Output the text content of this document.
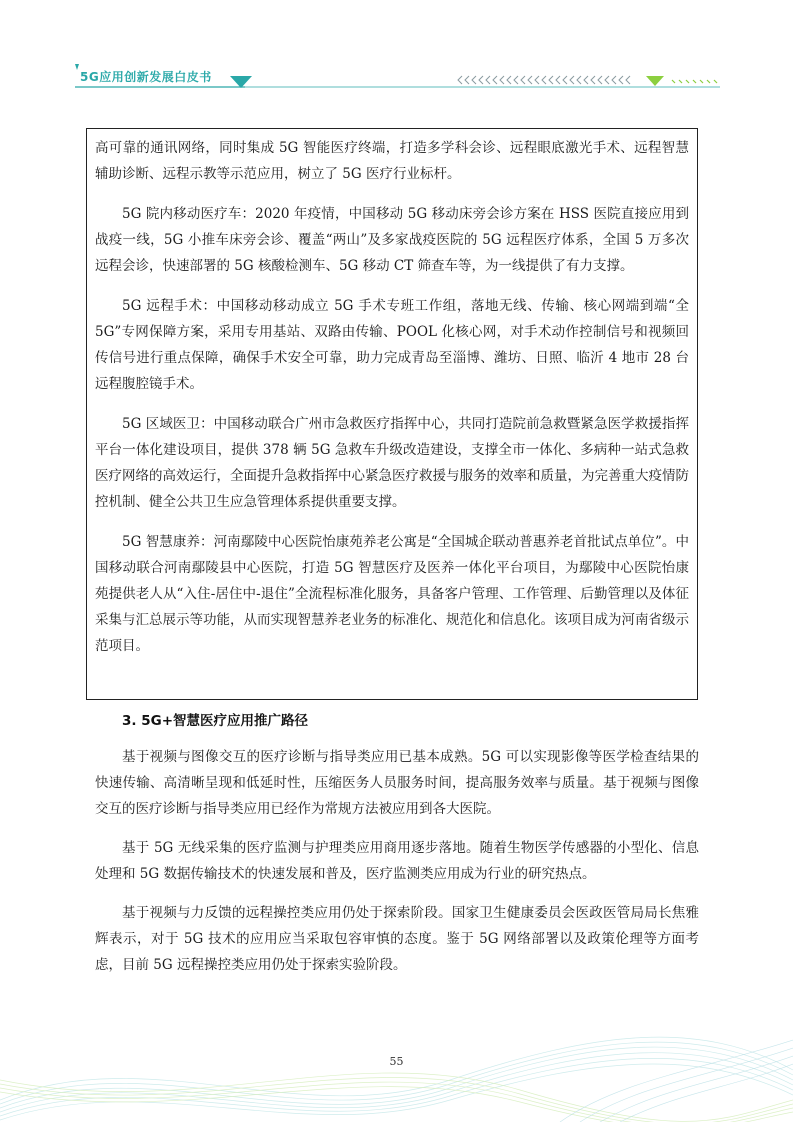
5G应用创新发展白皮书

高可靠的通讯网络，同时集成 5G 智能医疗终端，打造多学科会诊、远程眼底激光手术、远程智慧辅助诊断、远程示教等示范应用，树立了 5G 医疗行业标杆。

5G 院内移动医疗车：2020 年疫情，中国移动 5G 移动床旁会诊方案在 HSS 医院直接应用到战疫一线，5G 小推车床旁会诊、覆盖“两山”及多家战疫医院的 5G 远程医疗体系，全国 5 万多次远程会诊，快速部署的 5G 核酸检测车、5G 移动 CT 筛查车等，为一线提供了有力支撑。

5G 远程手术：中国移动移动成立 5G 手术专班工作组，落地无线、传输、核心网端到端“全 5G”专网保障方案，采用专用基站、双路由传输、POOL 化核心网，对手术动作控制信号和视频回传信号进行重点保障，确保手术安全可靠，助力完成青岛至淄博、潍坊、日照、临沂 4 地市 28 台远程腹腔镜手术。

5G 区域医卫：中国移动联合广州市急救医疗指挥中心，共同打造院前急救暨紧急医学救援指挥平台一体化建设项目，提供 378 辆 5G 急救车升级改造建设，支撑全市一体化、多病种一站式急救医疗网络的高效运行，全面提升急救指挥中心紧急医疗救援与服务的效率和质量，为完善重大疫情防控机制、健全公共卫生应急管理体系提供重要支撑。

5G 智慧康养：河南鄢陵中心医院怡康苑养老公寓是“全国城企联动普惠养老首批试点单位”。中国移动联合河南鄢陵县中心医院，打造 5G 智慧医疗及医养一体化平台项目，为鄢陵中心医院怡康苑提供老人从“入住-居住中-退住”全流程标准化服务，具备客户管理、工作管理、后勤管理以及体征采集与汇总展示等功能，从而实现智慧养老业务的标准化、规范化和信息化。该项目成为河南省级示范项目。

3. 5G+智慧医疗应用推广路径

基于视频与图像交互的医疗诊断与指导类应用已基本成熟。5G 可以实现影像等医学检查结果的快速传输、高清晰呈现和低延时性，压缩医务人员服务时间，提高服务效率与质量。基于视频与图像交互的医疗诊断与指导类应用已经作为常规方法被应用到各大医院。

基于 5G 无线采集的医疗监测与护理类应用商用逐步落地。随着生物医学传感器的小型化、信息处理和 5G 数据传输技术的快速发展和普及，医疗监测类应用成为行业的研究热点。

基于视频与力反馈的远程操控类应用仍处于探索阶段。国家卫生健康委员会医政医管局局长焦雅辉表示，对于 5G 技术的应用应当采取包容审慎的态度。鉴于 5G 网络部署以及政策伦理等方面考虑，目前 5G 远程操控类应用仍处于探索实验阶段。

55
